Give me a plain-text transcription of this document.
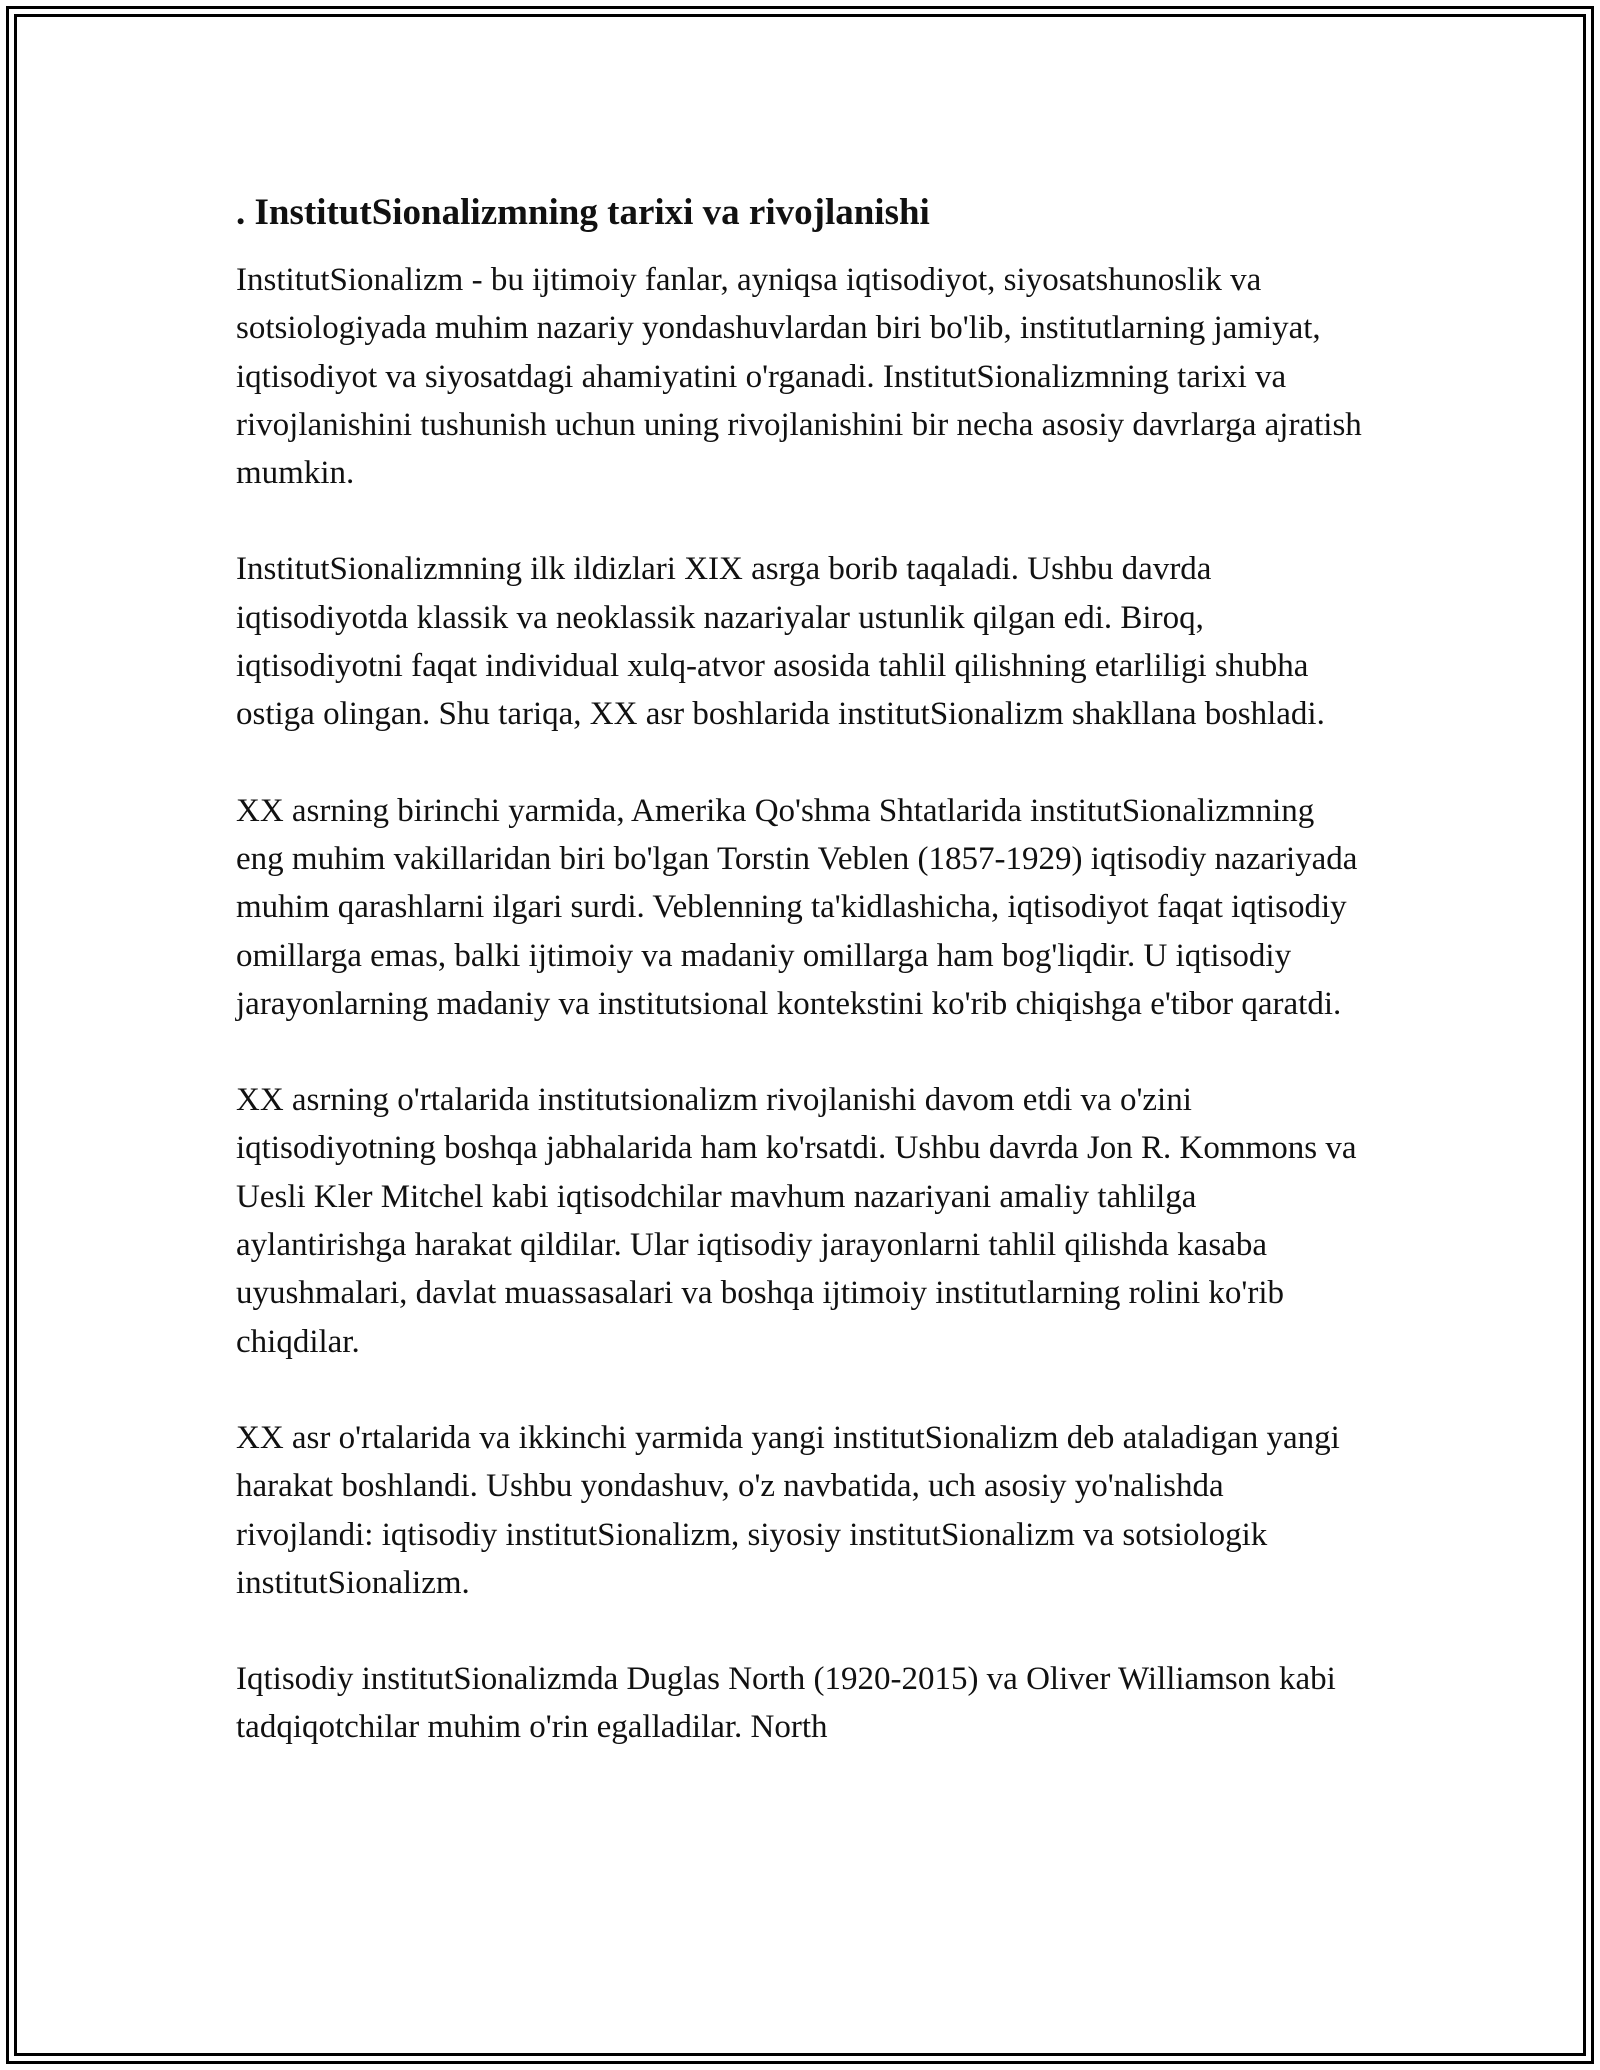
. InstitutSionalizmning tarixi va rivojlanishi

InstitutSionalizm - bu ijtimoiy fanlar, ayniqsa iqtisodiyot, siyosatshunoslik va sotsiologiyada muhim nazariy yondashuvlardan biri bo'lib, institutlarning jamiyat, iqtisodiyot va siyosatdagi ahamiyatini o'rganadi. InstitutSionalizmning tarixi va rivojlanishini tushunish uchun uning rivojlanishini bir necha asosiy davrlarga ajratish mumkin.

InstitutSionalizmning ilk ildizlari XIX asrga borib taqaladi. Ushbu davrda iqtisodiyotda klassik va neoklassik nazariyalar ustunlik qilgan edi. Biroq, iqtisodiyotni faqat individual xulq-atvor asosida tahlil qilishning etarliligi shubha ostiga olingan. Shu tariqa, XX asr boshlarida institutSionalizm shakllana boshladi.

XX asrning birinchi yarmida, Amerika Qo'shma Shtatlarida institutSionalizmning eng muhim vakillaridan biri bo'lgan Torstin Veblen (1857-1929) iqtisodiy nazariyada muhim qarashlarni ilgari surdi. Veblenning ta'kidlashicha, iqtisodiyot faqat iqtisodiy omillarga emas, balki ijtimoiy va madaniy omillarga ham bog'liqdir. U iqtisodiy jarayonlarning madaniy va institutsional kontekstini ko'rib chiqishga e'tibor qaratdi.

XX asrning o'rtalarida institutsionalizm rivojlanishi davom etdi va o'zini iqtisodiyotning boshqa jabhalarida ham ko'rsatdi. Ushbu davrda Jon R. Kommons va Uesli Kler Mitchel kabi iqtisodchilar mavhum nazariyani amaliy tahlilga aylantirishga harakat qildilar. Ular iqtisodiy jarayonlarni tahlil qilishda kasaba uyushmalari, davlat muassasalari va boshqa ijtimoiy institutlarning rolini ko'rib chiqdilar.

XX asr o'rtalarida va ikkinchi yarmida yangi institutSionalizm deb ataladigan yangi harakat boshlandi. Ushbu yondashuv, o'z navbatida, uch asosiy yo'nalishda rivojlandi: iqtisodiy institutSionalizm, siyosiy institutSionalizm va sotsiologik institutSionalizm.

Iqtisodiy institutSionalizmda Duglas North (1920-2015) va Oliver Williamson kabi tadqiqotchilar muhim o'rin egalladilar. North
